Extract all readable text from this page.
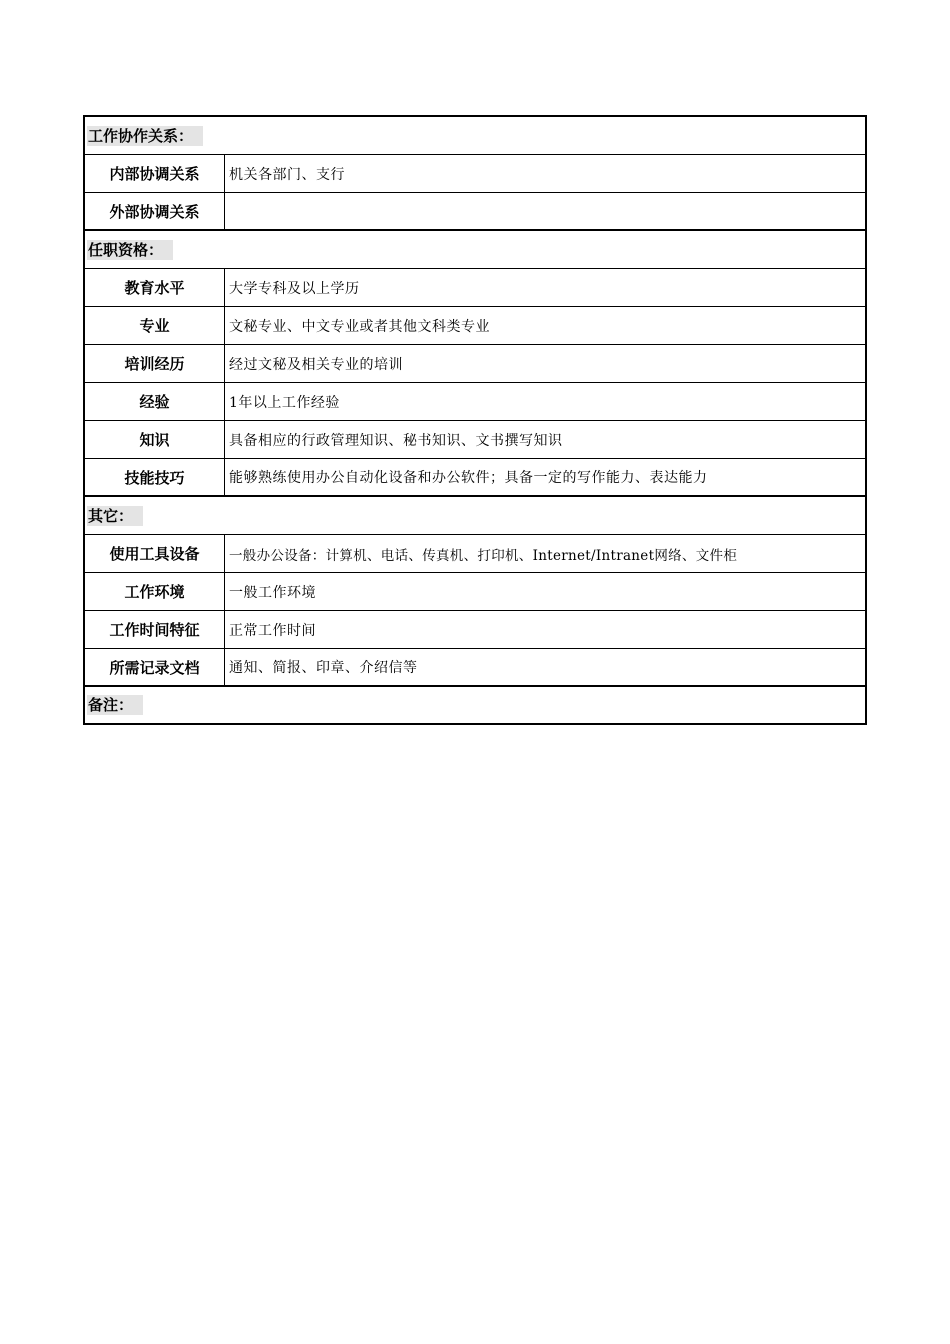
工作协作关系：
内部协调关系	机关各部门、支行
外部协调关系
任职资格：
教育水平	大学专科及以上学历
专业	文秘专业、中文专业或者其他文科类专业
培训经历	经过文秘及相关专业的培训
经验	1年以上工作经验
知识	具备相应的行政管理知识、秘书知识、文书撰写知识
技能技巧	能够熟练使用办公自动化设备和办公软件；具备一定的写作能力、表达能力
其它：
使用工具设备	一般办公设备：计算机、电话、传真机、打印机、Internet/Intranet网络、文件柜
工作环境	一般工作环境
工作时间特征	正常工作时间
所需记录文档	通知、简报、印章、介绍信等
备注：
